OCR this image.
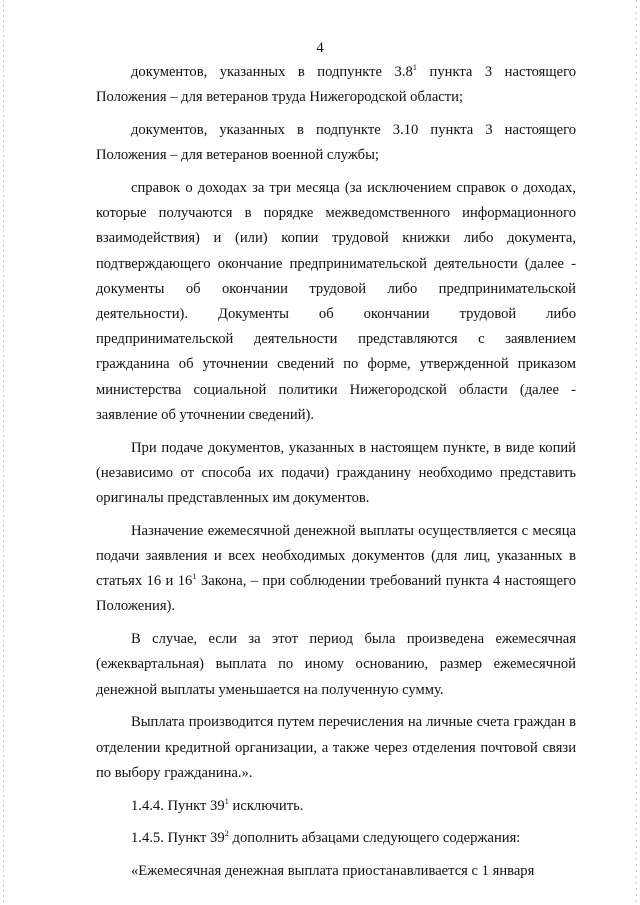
4

документов, указанных в подпункте $3.8^1$ пункта 3 настоящего Положения – для ветеранов труда Нижегородской области;

документов, указанных в подпункте 3.10 пункта 3 настоящего Положения – для ветеранов военной службы;

справок о доходах за три месяца (за исключением справок о доходах, которые получаются в порядке межведомственного информационного взаимодействия) и (или) копии трудовой книжки либо документа, подтверждающего окончание предпринимательской деятельности (далее - документы об окончании трудовой либо предпринимательской деятельности). Документы об окончании трудовой либо предпринимательской деятельности представляются с заявлением гражданина об уточнении сведений по форме, утвержденной приказом министерства социальной политики Нижегородской области (далее - заявление об уточнении сведений).

При подаче документов, указанных в настоящем пункте, в виде копий (независимо от способа их подачи) гражданину необходимо представить оригиналы представленных им документов.

Назначение ежемесячной денежной выплаты осуществляется с месяца подачи заявления и всех необходимых документов (для лиц, указанных в статьях 16 и $16^1$ Закона, – при соблюдении требований пункта 4 настоящего Положения).

В случае, если за этот период была произведена ежемесячная (ежеквартальная) выплата по иному основанию, размер ежемесячной денежной выплаты уменьшается на полученную сумму.

Выплата производится путем перечисления на личные счета граждан в отделении кредитной организации, а также через отделения почтовой связи по выбору гражданина.».

1.4.4. Пункт $39^1$ исключить.

1.4.5. Пункт $39^2$ дополнить абзацами следующего содержания:

«Ежемесячная денежная выплата приостанавливается с 1 января
